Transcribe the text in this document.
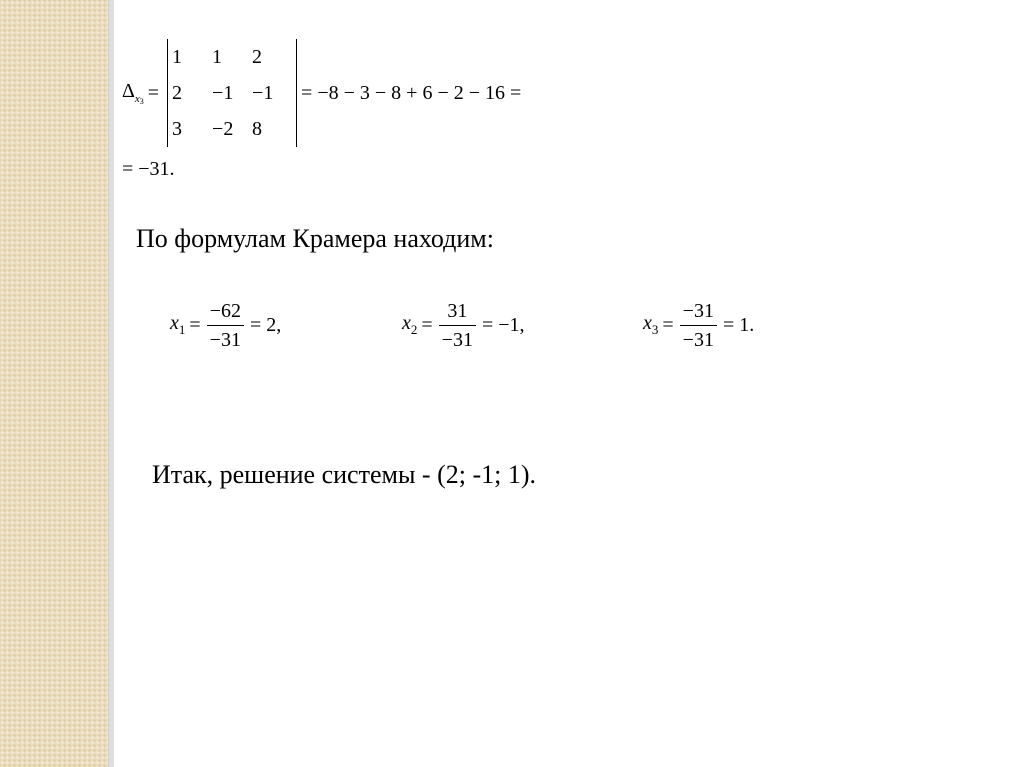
$\Delta_{x_3}$ =
1	1	2
2	−1	−1
3	−2	8
= −8 − 3 − 8 + 6 − 2 − 16 =
= −31.
По формулам Крамера находим:
$x_1 = \frac{-62}{-31} = 2$,	$x_2 = \frac{31}{-31} = -1$,	$x_3 = \frac{-31}{-31} = 1$.
Итак, решение системы - (2; -1; 1).
